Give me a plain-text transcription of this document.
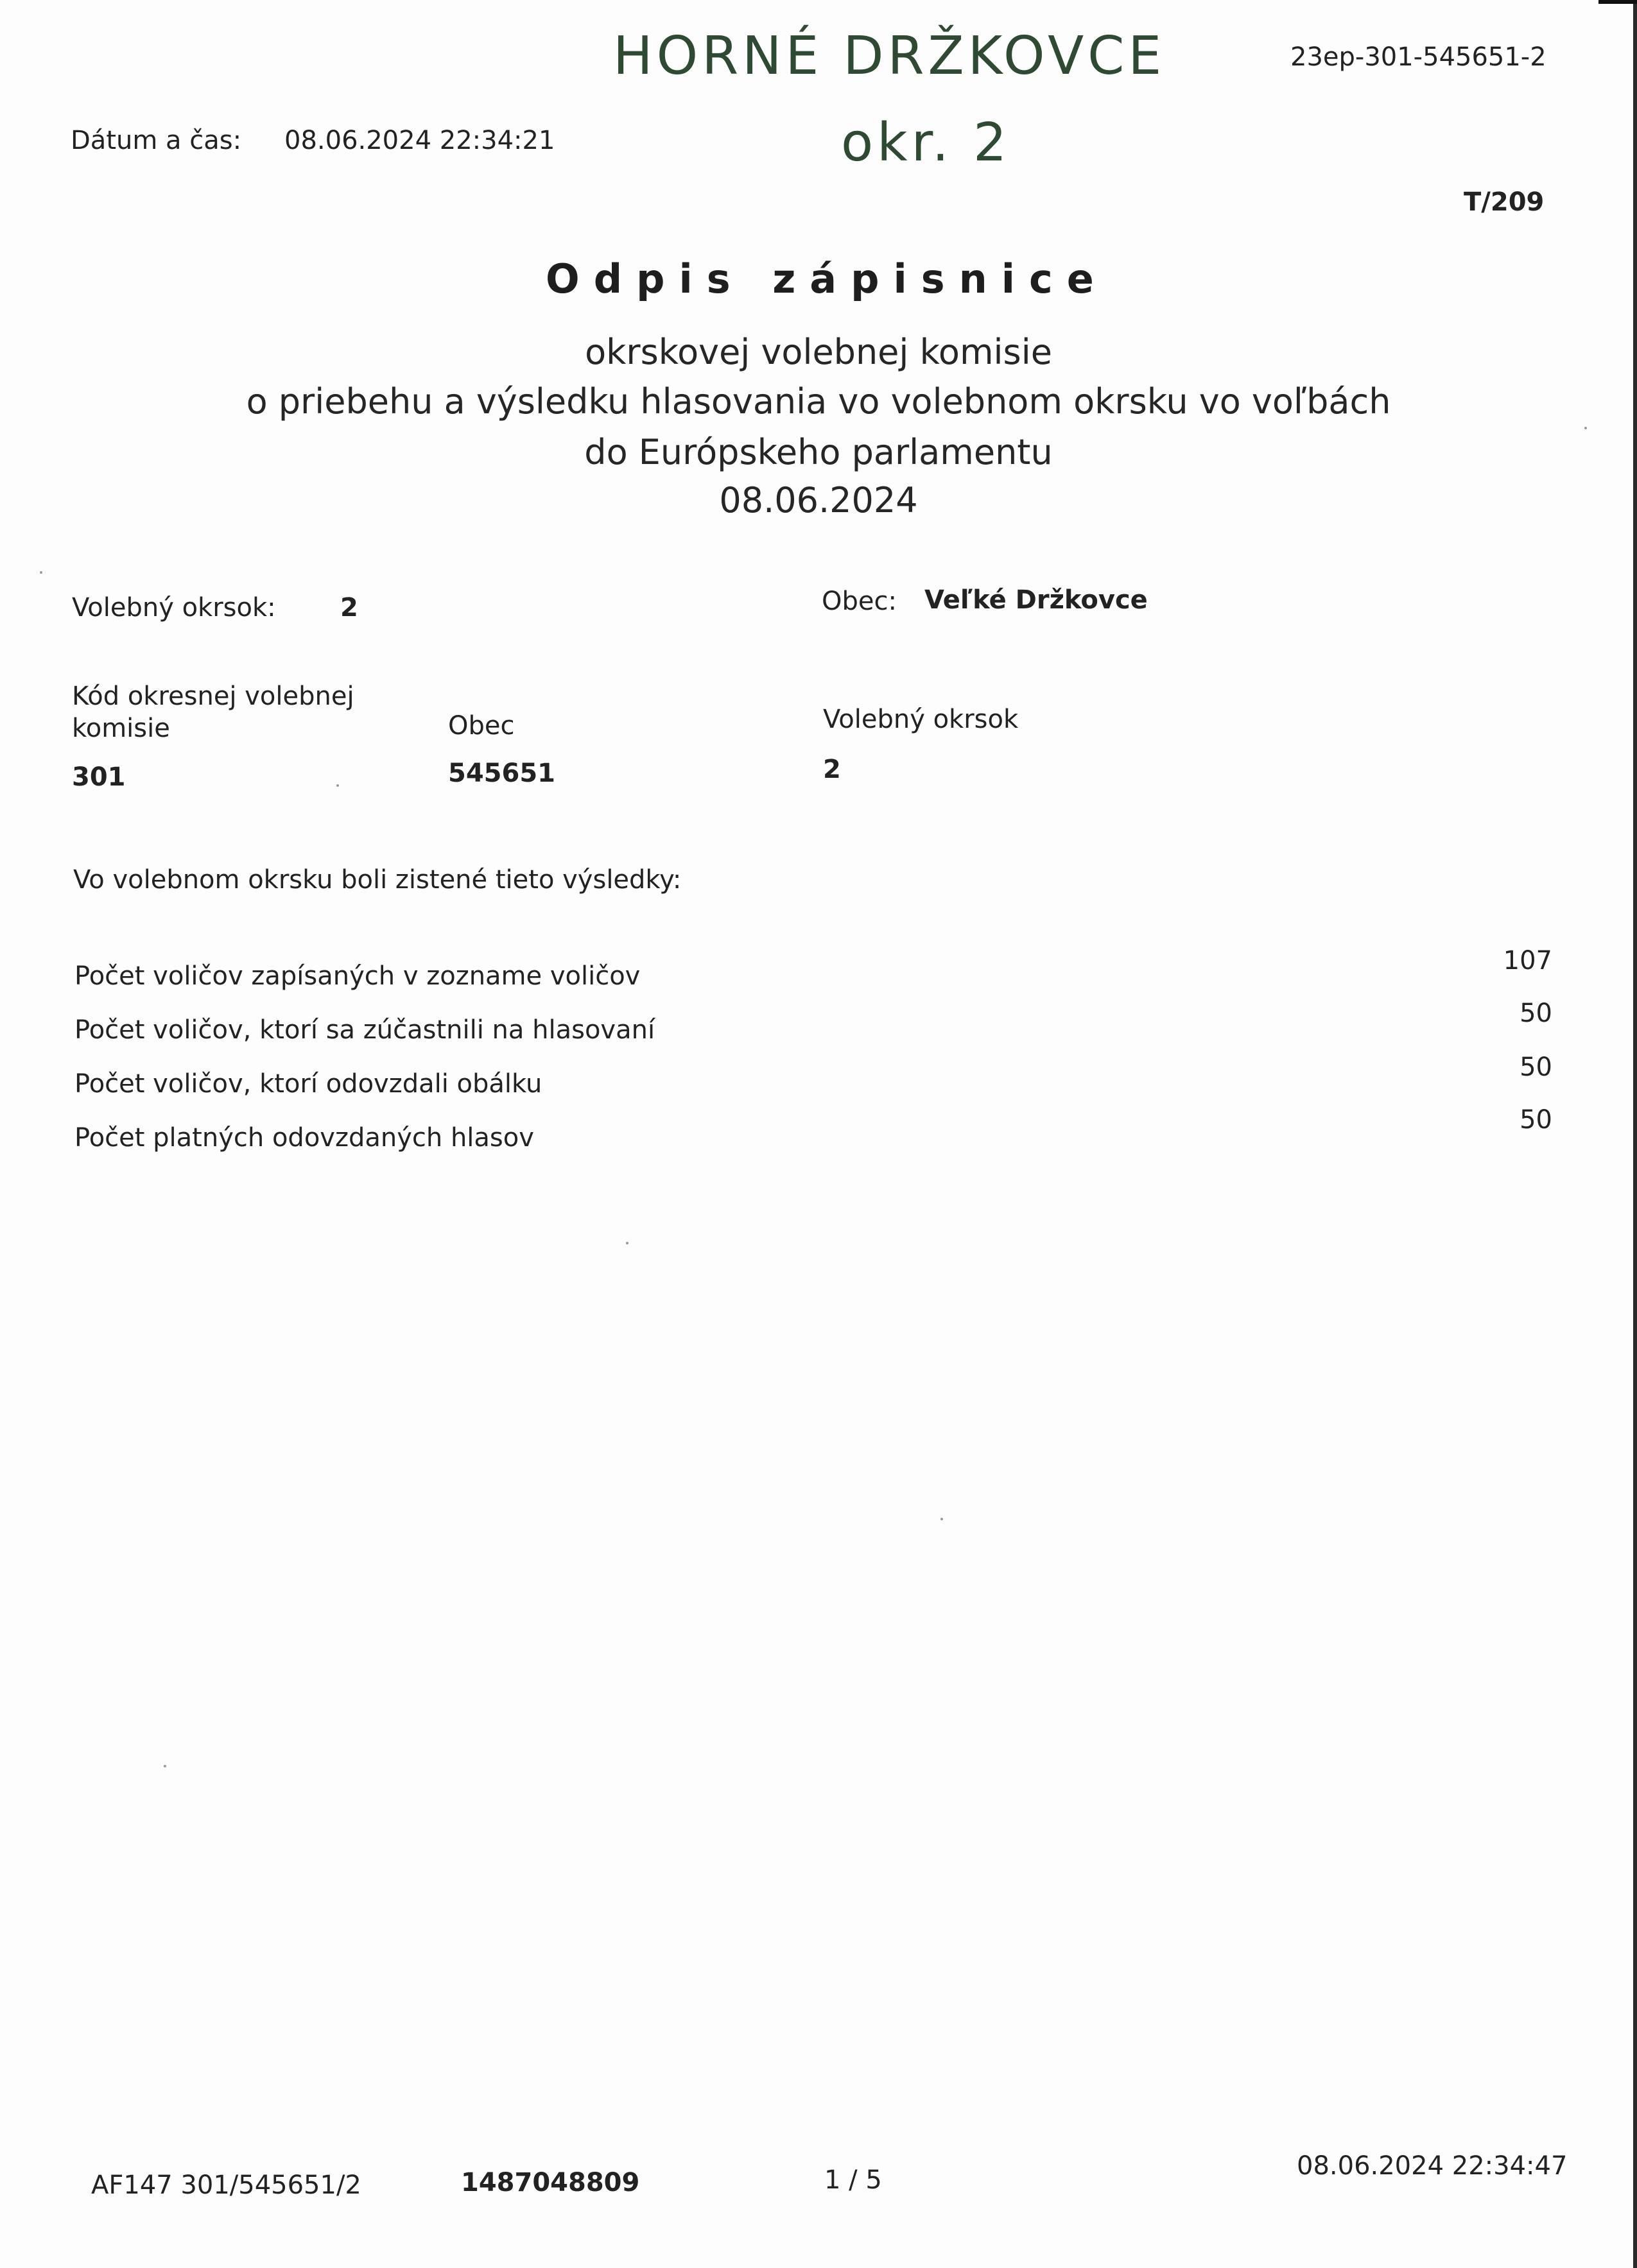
HORNÉ DRŽKOVCE
okr. 2
23ep-301-545651-2
Dátum a čas: 08.06.2024 22:34:21
T/209
Odpis zápisnice
okrskovej volebnej komisie
o priebehu a výsledku hlasovania vo volebnom okrsku vo voľbách
do Európskeho parlamentu
08.06.2024
Volebný okrsok:	2	Obec: Veľké Držkovce
Kód okresnej volebnej
komisie
301
Obec
545651
Volebný okrsok
2
Vo volebnom okrsku boli zistené tieto výsledky:
Počet voličov zapísaných v zozname voličov
107
Počet voličov, ktorí sa zúčastnili na hlasovaní
50
Počet voličov, ktorí odovzdali obálku
50
Počet platných odovzdaných hlasov
50
AF147 301/545651/2	1487048809	1 / 5	08.06.2024 22:34:47
